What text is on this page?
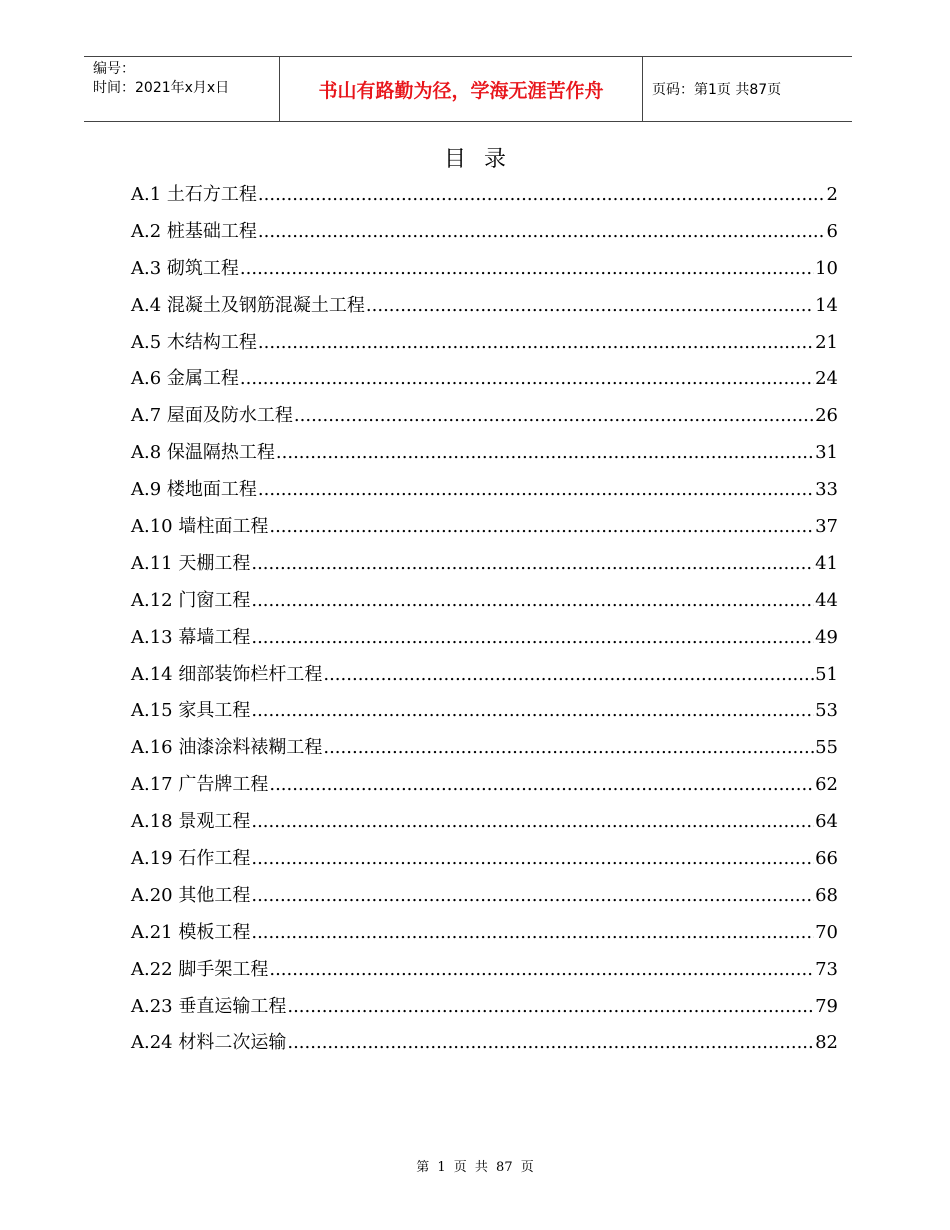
编号：
时间：2021年x月x日	书山有路勤为径，学海无涯苦作舟	页码：第1页 共87页
目录
A.1 土石方工程 .....	2
A.2 桩基础工程 .....	6
A.3 砌筑工程 .....	10
A.4 混凝土及钢筋混凝土工程 .....	14
A.5 木结构工程 .....	21
A.6 金属工程 .....	24
A.7 屋面及防水工程 .....	26
A.8 保温隔热工程 .....	31
A.9 楼地面工程 .....	33
A.10 墙柱面工程 .....	37
A.11 天棚工程 .....	41
A.12 门窗工程 .....	44
A.13 幕墙工程 .....	49
A.14 细部装饰栏杆工程 .....	51
A.15 家具工程 .....	53
A.16 油漆涂料裱糊工程 .....	55
A.17 广告牌工程 .....	62
A.18 景观工程 .....	64
A.19 石作工程 .....	66
A.20 其他工程 .....	68
A.21 模板工程 .....	70
A.22 脚手架工程 .....	73
A.23 垂直运输工程 .....	79
A.24 材料二次运输 .....	82
第 1 页 共 87 页
